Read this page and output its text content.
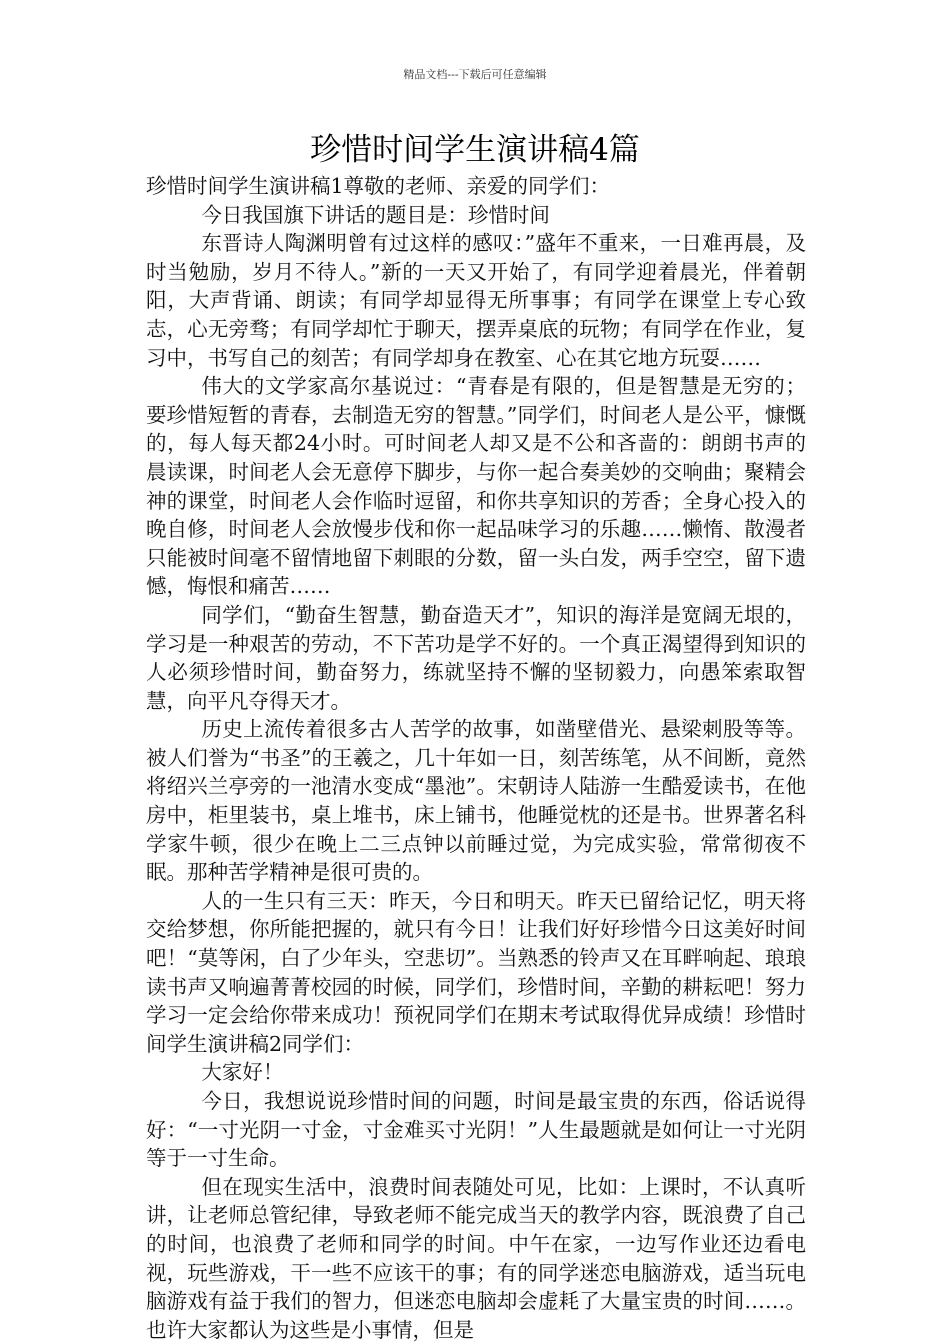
精品文档---下载后可任意编辑
珍惜时间学生演讲稿4篇

珍惜时间学生演讲稿1尊敬的老师、亲爱的同学们：

今日我国旗下讲话的题目是：珍惜时间

东晋诗人陶渊明曾有过这样的感叹：”盛年不重来，一日难再晨，及时当勉励，岁月不待人。”新的一天又开始了，有同学迎着晨光，伴着朝阳，大声背诵、朗读；有同学却显得无所事事；有同学在课堂上专心致志，心无旁骛；有同学却忙于聊天，摆弄桌底的玩物；有同学在作业，复习中，书写自己的刻苦；有同学却身在教室、心在其它地方玩耍……

伟大的文学家高尔基说过：“青春是有限的，但是智慧是无穷的；要珍惜短暂的青春，去制造无穷的智慧。”同学们，时间老人是公平，慷慨的，每人每天都24小时。可时间老人却又是不公和吝啬的：朗朗书声的晨读课，时间老人会无意停下脚步，与你一起合奏美妙的交响曲；聚精会神的课堂，时间老人会作临时逗留，和你共享知识的芳香；全身心投入的晚自修，时间老人会放慢步伐和你一起品味学习的乐趣……懒惰、散漫者只能被时间毫不留情地留下刺眼的分数，留一头白发，两手空空，留下遗憾，悔恨和痛苦……

同学们，“勤奋生智慧，勤奋造天才”，知识的海洋是宽阔无垠的，学习是一种艰苦的劳动，不下苦功是学不好的。一个真正渴望得到知识的人必须珍惜时间，勤奋努力，练就坚持不懈的坚韧毅力，向愚笨索取智慧，向平凡夺得天才。

历史上流传着很多古人苦学的故事，如凿壁借光、悬梁刺股等等。被人们誉为“书圣”的王羲之，几十年如一日，刻苦练笔，从不间断，竟然将绍兴兰亭旁的一池清水变成“墨池”。宋朝诗人陆游一生酷爱读书，在他房中，柜里装书，桌上堆书，床上铺书，他睡觉枕的还是书。世界著名科学家牛顿，很少在晚上二三点钟以前睡过觉，为完成实验，常常彻夜不眠。那种苦学精神是很可贵的。

人的一生只有三天：昨天，今日和明天。昨天已留给记忆，明天将交给梦想，你所能把握的，就只有今日！让我们好好珍惜今日这美好时间吧！“莫等闲，白了少年头，空悲切”。当熟悉的铃声又在耳畔响起、琅琅读书声又响遍菁菁校园的时候，同学们，珍惜时间，辛勤的耕耘吧！努力学习一定会给你带来成功！预祝同学们在期末考试取得优异成绩！珍惜时间学生演讲稿2同学们：

大家好！

今日，我想说说珍惜时间的问题，时间是最宝贵的东西，俗话说得好：“一寸光阴一寸金，寸金难买寸光阴！”人生最题就是如何让一寸光阴等于一寸生命。

但在现实生活中，浪费时间表随处可见，比如：上课时，不认真听讲，让老师总管纪律，导致老师不能完成当天的教学内容，既浪费了自己的时间，也浪费了老师和同学的时间。中午在家，一边写作业还边看电视，玩些游戏，干一些不应该干的事；有的同学迷恋电脑游戏，适当玩电脑游戏有益于我们的智力，但迷恋电脑却会虚耗了大量宝贵的时间……。也许大家都认为这些是小事情，但是
